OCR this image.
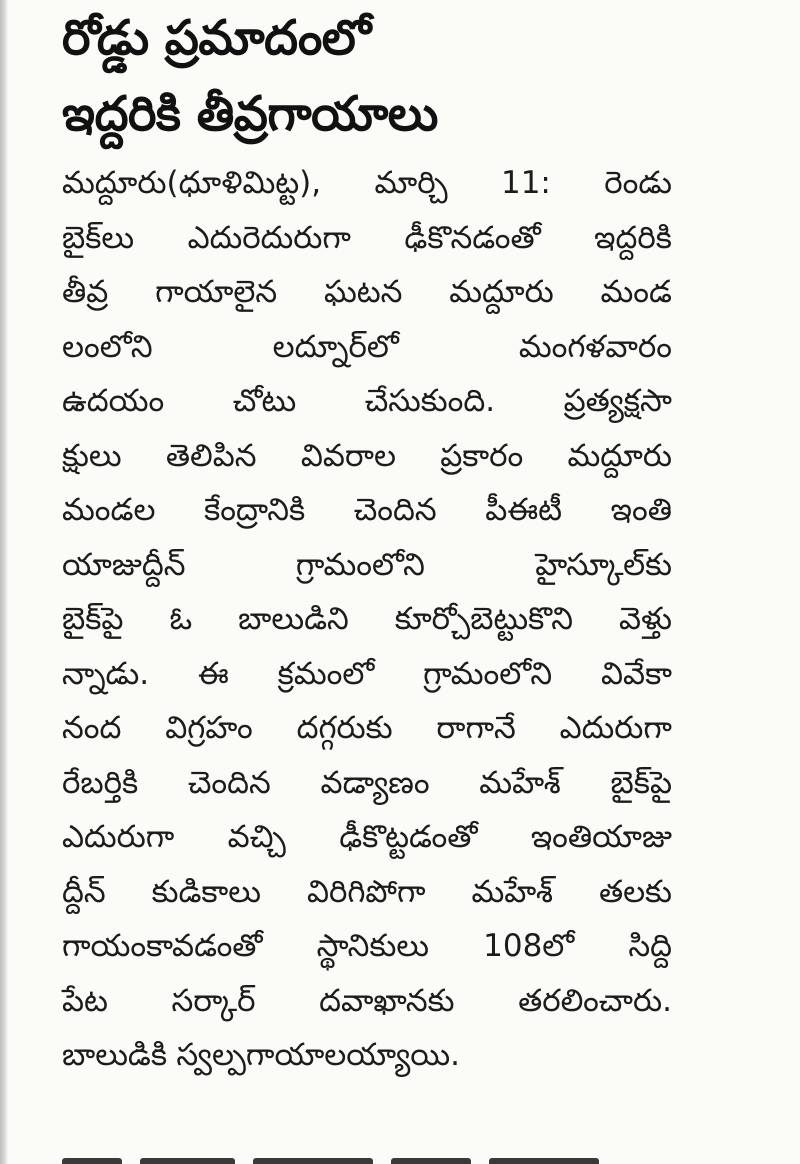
రోడ్డు ప్రమాదంలో
ఇద్దరికి తీవ్రగాయాలు
మద్దూరు(ధూళిమిట్ట), మార్చి 11: రెండు
బైక్‌లు ఎదురెదురుగా ఢీకొనడంతో ఇద్దరికి
తీవ్ర గాయాలైన ఘటన మద్దూరు మండ
లంలోని	లద్నూర్‌లో	మంగళవారం
ఉదయం చోటు చేసుకుంది. ప్రత్యక్షసా
క్షులు తెలిపిన వివరాల ప్రకారం మద్దూరు
మండల కేంద్రానికి చెందిన పీఈటీ ఇంతి
యాజుద్దీన్	గ్రామంలోని	హైస్కూల్‌కు
బైక్‌పై ఓ బాలుడిని కూర్చోబెట్టుకొని వెళ్తు
న్నాడు. ఈ క్రమంలో గ్రామంలోని వివేకా
నంద విగ్రహం దగ్గరుకు రాగానే ఎదురుగా
రేబర్తికి చెందిన వడ్యాణం మహేశ్ బైక్‌పై
ఎదురుగా వచ్చి ఢీకొట్టడంతో ఇంతియాజు
ద్దీన్ కుడికాలు విరిగిపోగా మహేశ్ తలకు
గాయంకావడంతో స్థానికులు 108లో సిద్ది
పేట సర్కార్ దవాఖానకు తరలించారు.
బాలుడికి స్వల్పగాయాలయ్యాయి.
